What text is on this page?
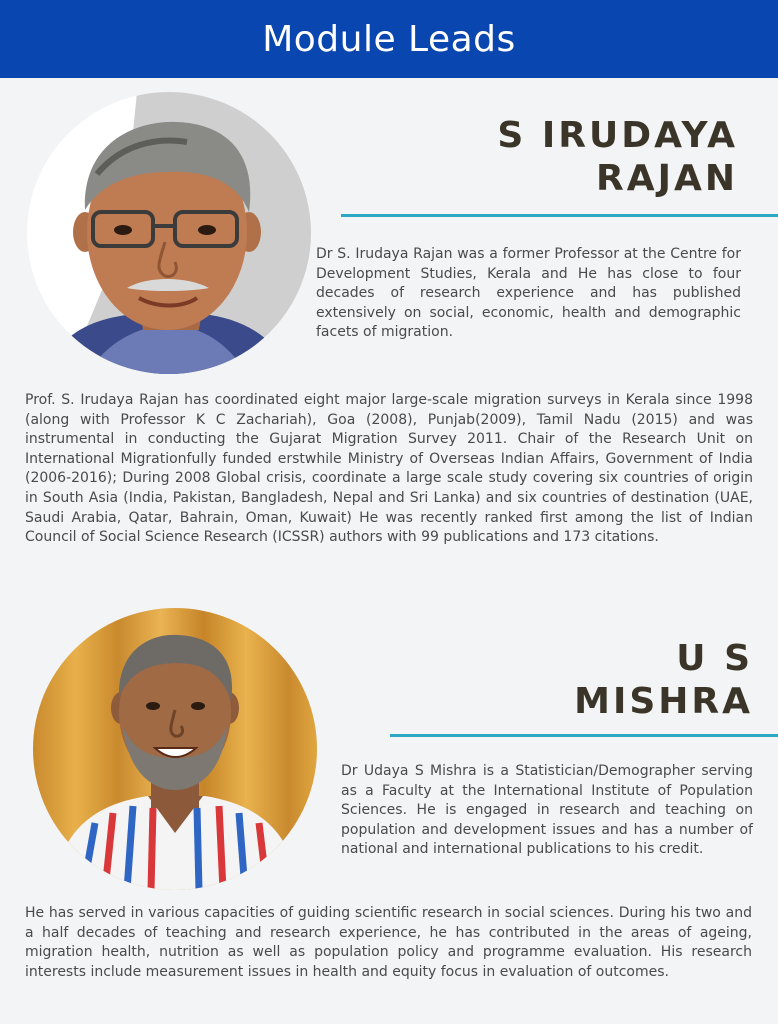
Module Leads
S IRUDAYA
RAJAN

Dr S. Irudaya Rajan was a former Professor at the Centre for Development Studies, Kerala and He has close to four decades of research experience and has published extensively on social, economic, health and demographic facets of migration.

Prof. S. Irudaya Rajan has coordinated eight major large-scale migration surveys in Kerala since 1998 (along with Professor K C Zachariah), Goa (2008), Punjab(2009), Tamil Nadu (2015) and was instrumental in conducting the Gujarat Migration Survey 2011. Chair of the Research Unit on International Migrationfully funded erstwhile Ministry of Overseas Indian Affairs, Government of India (2006-2016); During 2008 Global crisis, coordinate a large scale study covering six countries of origin in South Asia (India, Pakistan, Bangladesh, Nepal and Sri Lanka) and six countries of destination (UAE, Saudi Arabia, Qatar, Bahrain, Oman, Kuwait) He was recently ranked first among the list of Indian Council of Social Science Research (ICSSR) authors with 99 publications and 173 citations.

U S
MISHRA

Dr Udaya S Mishra is a Statistician/Demographer serving as a Faculty at the International Institute of Population Sciences. He is engaged in research and teaching on population and development issues and has a number of national and international publications to his credit.

He has served in various capacities of guiding scientific research in social sciences. During his two and a half decades of teaching and research experience, he has contributed in the areas of ageing, migration health, nutrition as well as population policy and programme evaluation. His research interests include measurement issues in health and equity focus in evaluation of outcomes.
